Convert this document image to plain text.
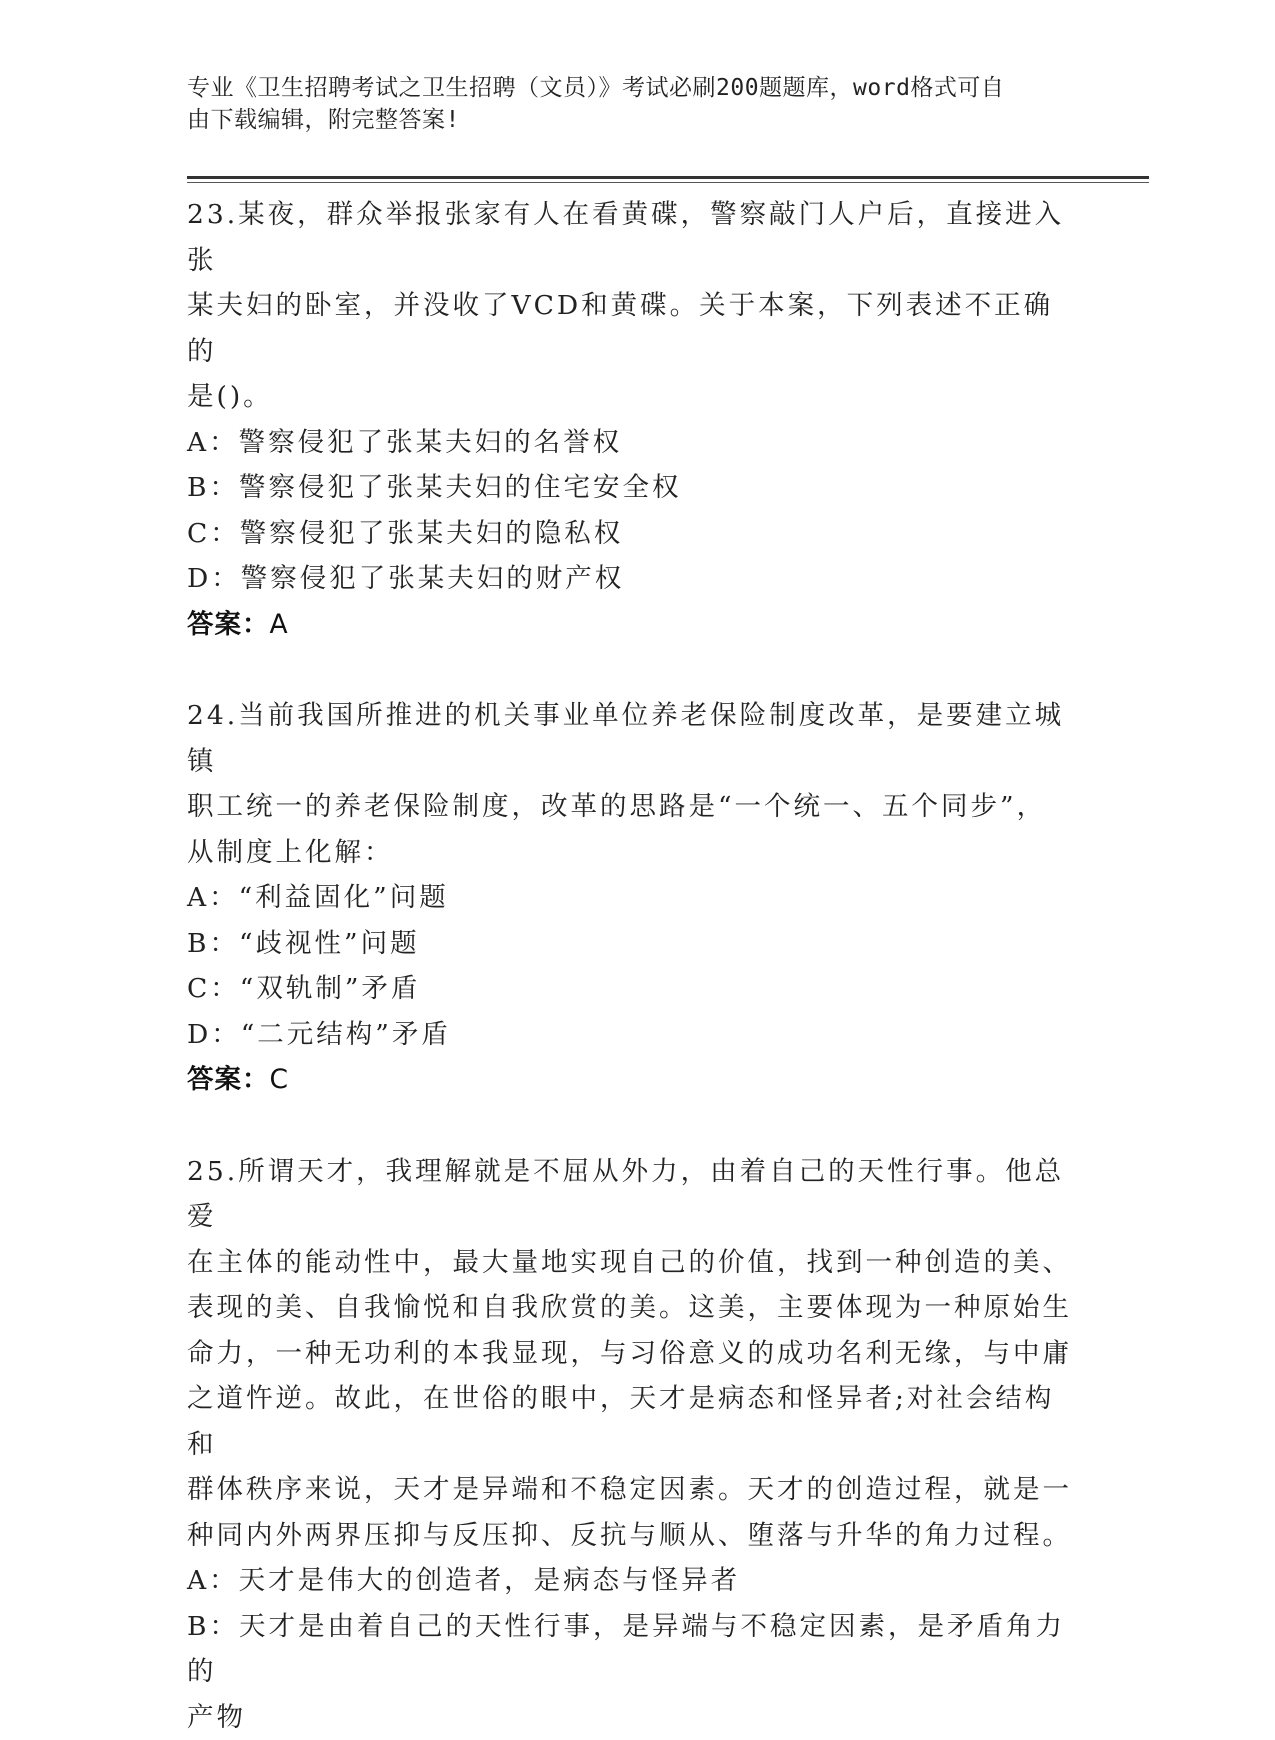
专业《卫生招聘考试之卫生招聘（文员）》考试必刷200题题库，word格式可自
由下载编辑，附完整答案!
23.某夜，群众举报张家有人在看黄碟，警察敲门人户后，直接进入张
某夫妇的卧室，并没收了VCD和黄碟。关于本案，下列表述不正确的
是()。
A：警察侵犯了张某夫妇的名誉权
B：警察侵犯了张某夫妇的住宅安全权
C：警察侵犯了张某夫妇的隐私权
D：警察侵犯了张某夫妇的财产权
答案：A
24.当前我国所推进的机关事业单位养老保险制度改革，是要建立城镇
职工统一的养老保险制度，改革的思路是“一个统一、五个同步”，
从制度上化解：
A：“利益固化”问题
B：“歧视性”问题
C：“双轨制”矛盾
D：“二元结构”矛盾
答案：C
25.所谓天才，我理解就是不屈从外力，由着自己的天性行事。他总爱
在主体的能动性中，最大量地实现自己的价值，找到一种创造的美、
表现的美、自我愉悦和自我欣赏的美。这美，主要体现为一种原始生
命力，一种无功利的本我显现，与习俗意义的成功名利无缘，与中庸
之道忤逆。故此，在世俗的眼中，天才是病态和怪异者;对社会结构和
群体秩序来说，天才是异端和不稳定因素。天才的创造过程，就是一
种同内外两界压抑与反压抑、反抗与顺从、堕落与升华的角力过程。
A：天才是伟大的创造者，是病态与怪异者
B：天才是由着自己的天性行事，是异端与不稳定因素，是矛盾角力的
产物
